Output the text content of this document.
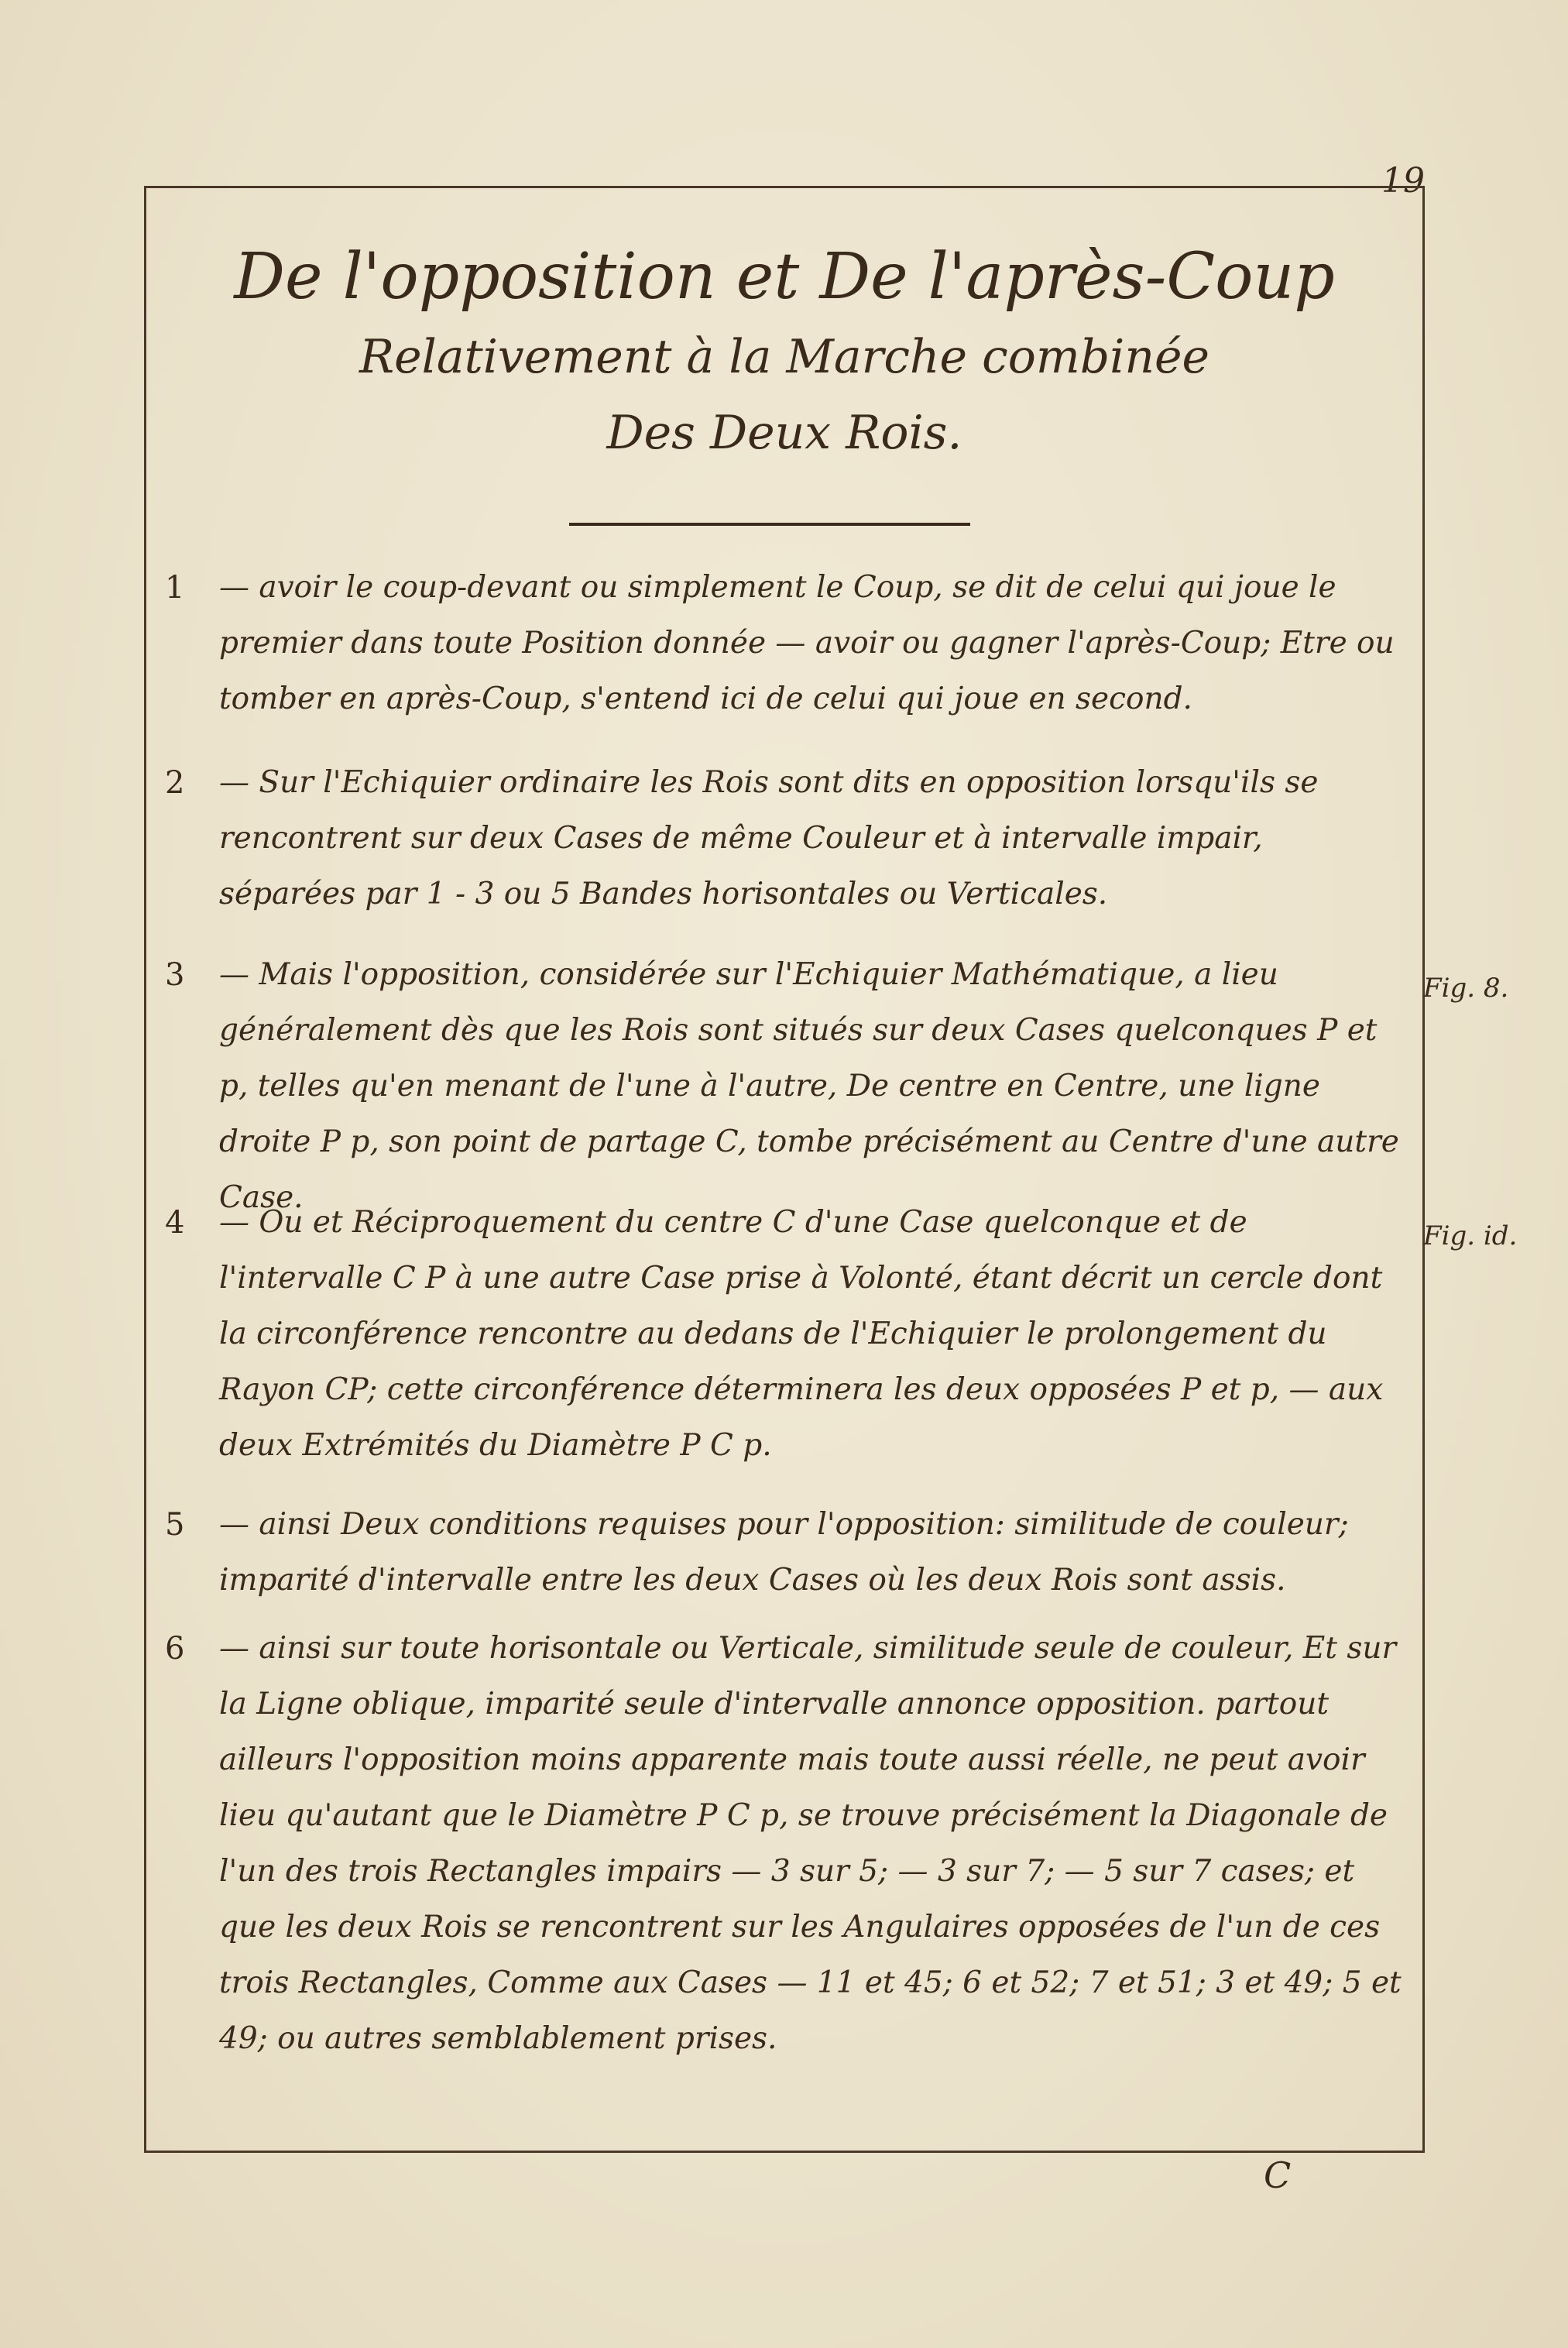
19
De l'opposition et De l'après-Coup
Relativement à la Marche combinée
Des Deux Rois.
1	— avoir le coup-devant ou simplement le Coup, se dit de celui qui joue le premier dans toute Position donnée — avoir ou gagner l'après-Coup; Etre ou tomber en après-Coup, s'entend ici de celui qui joue en second.
2	— Sur l'Echiquier ordinaire les Rois sont dits en opposition lorsqu'ils se rencontrent sur deux Cases de même Couleur et à intervalle impair, séparées par 1 - 3 ou 5 Bandes horisontales ou Verticales.
3	— Mais l'opposition, considérée sur l'Echiquier Mathématique, a lieu généralement dès que les Rois sont situés sur deux Cases quelconques P et p, telles qu'en menant de l'une à l'autre, De centre en Centre, une ligne droite P p, son point de partage C, tombe précisément au Centre d'une autre Case.
4	— Ou et Réciproquement du centre C d'une Case quelconque et de l'intervalle C P à une autre Case prise à Volonté, étant décrit un cercle dont la circonférence rencontre au dedans de l'Echiquier le prolongement du Rayon CP; cette circonférence déterminera les deux opposées P et p, — aux deux Extrémités du Diamètre P C p.
5	— ainsi Deux conditions requises pour l'opposition: similitude de couleur; imparité d'intervalle entre les deux Cases où les deux Rois sont assis.
6	— ainsi sur toute horisontale ou Verticale, similitude seule de couleur, Et sur la Ligne oblique, imparité seule d'intervalle annonce opposition. partout ailleurs l'opposition moins apparente mais toute aussi réelle, ne peut avoir lieu qu'autant que le Diamètre P C p, se trouve précisément la Diagonale de l'un des trois Rectangles impairs — 3 sur 5; — 3 sur 7; — 5 sur 7 cases; et que les deux Rois se rencontrent sur les Angulaires opposées de l'un de ces trois Rectangles, Comme aux Cases — 11 et 45; 6 et 52; 7 et 51; 3 et 49; 5 et 49; ou autres semblablement prises.
Fig. 8.
Fig. id.
C
